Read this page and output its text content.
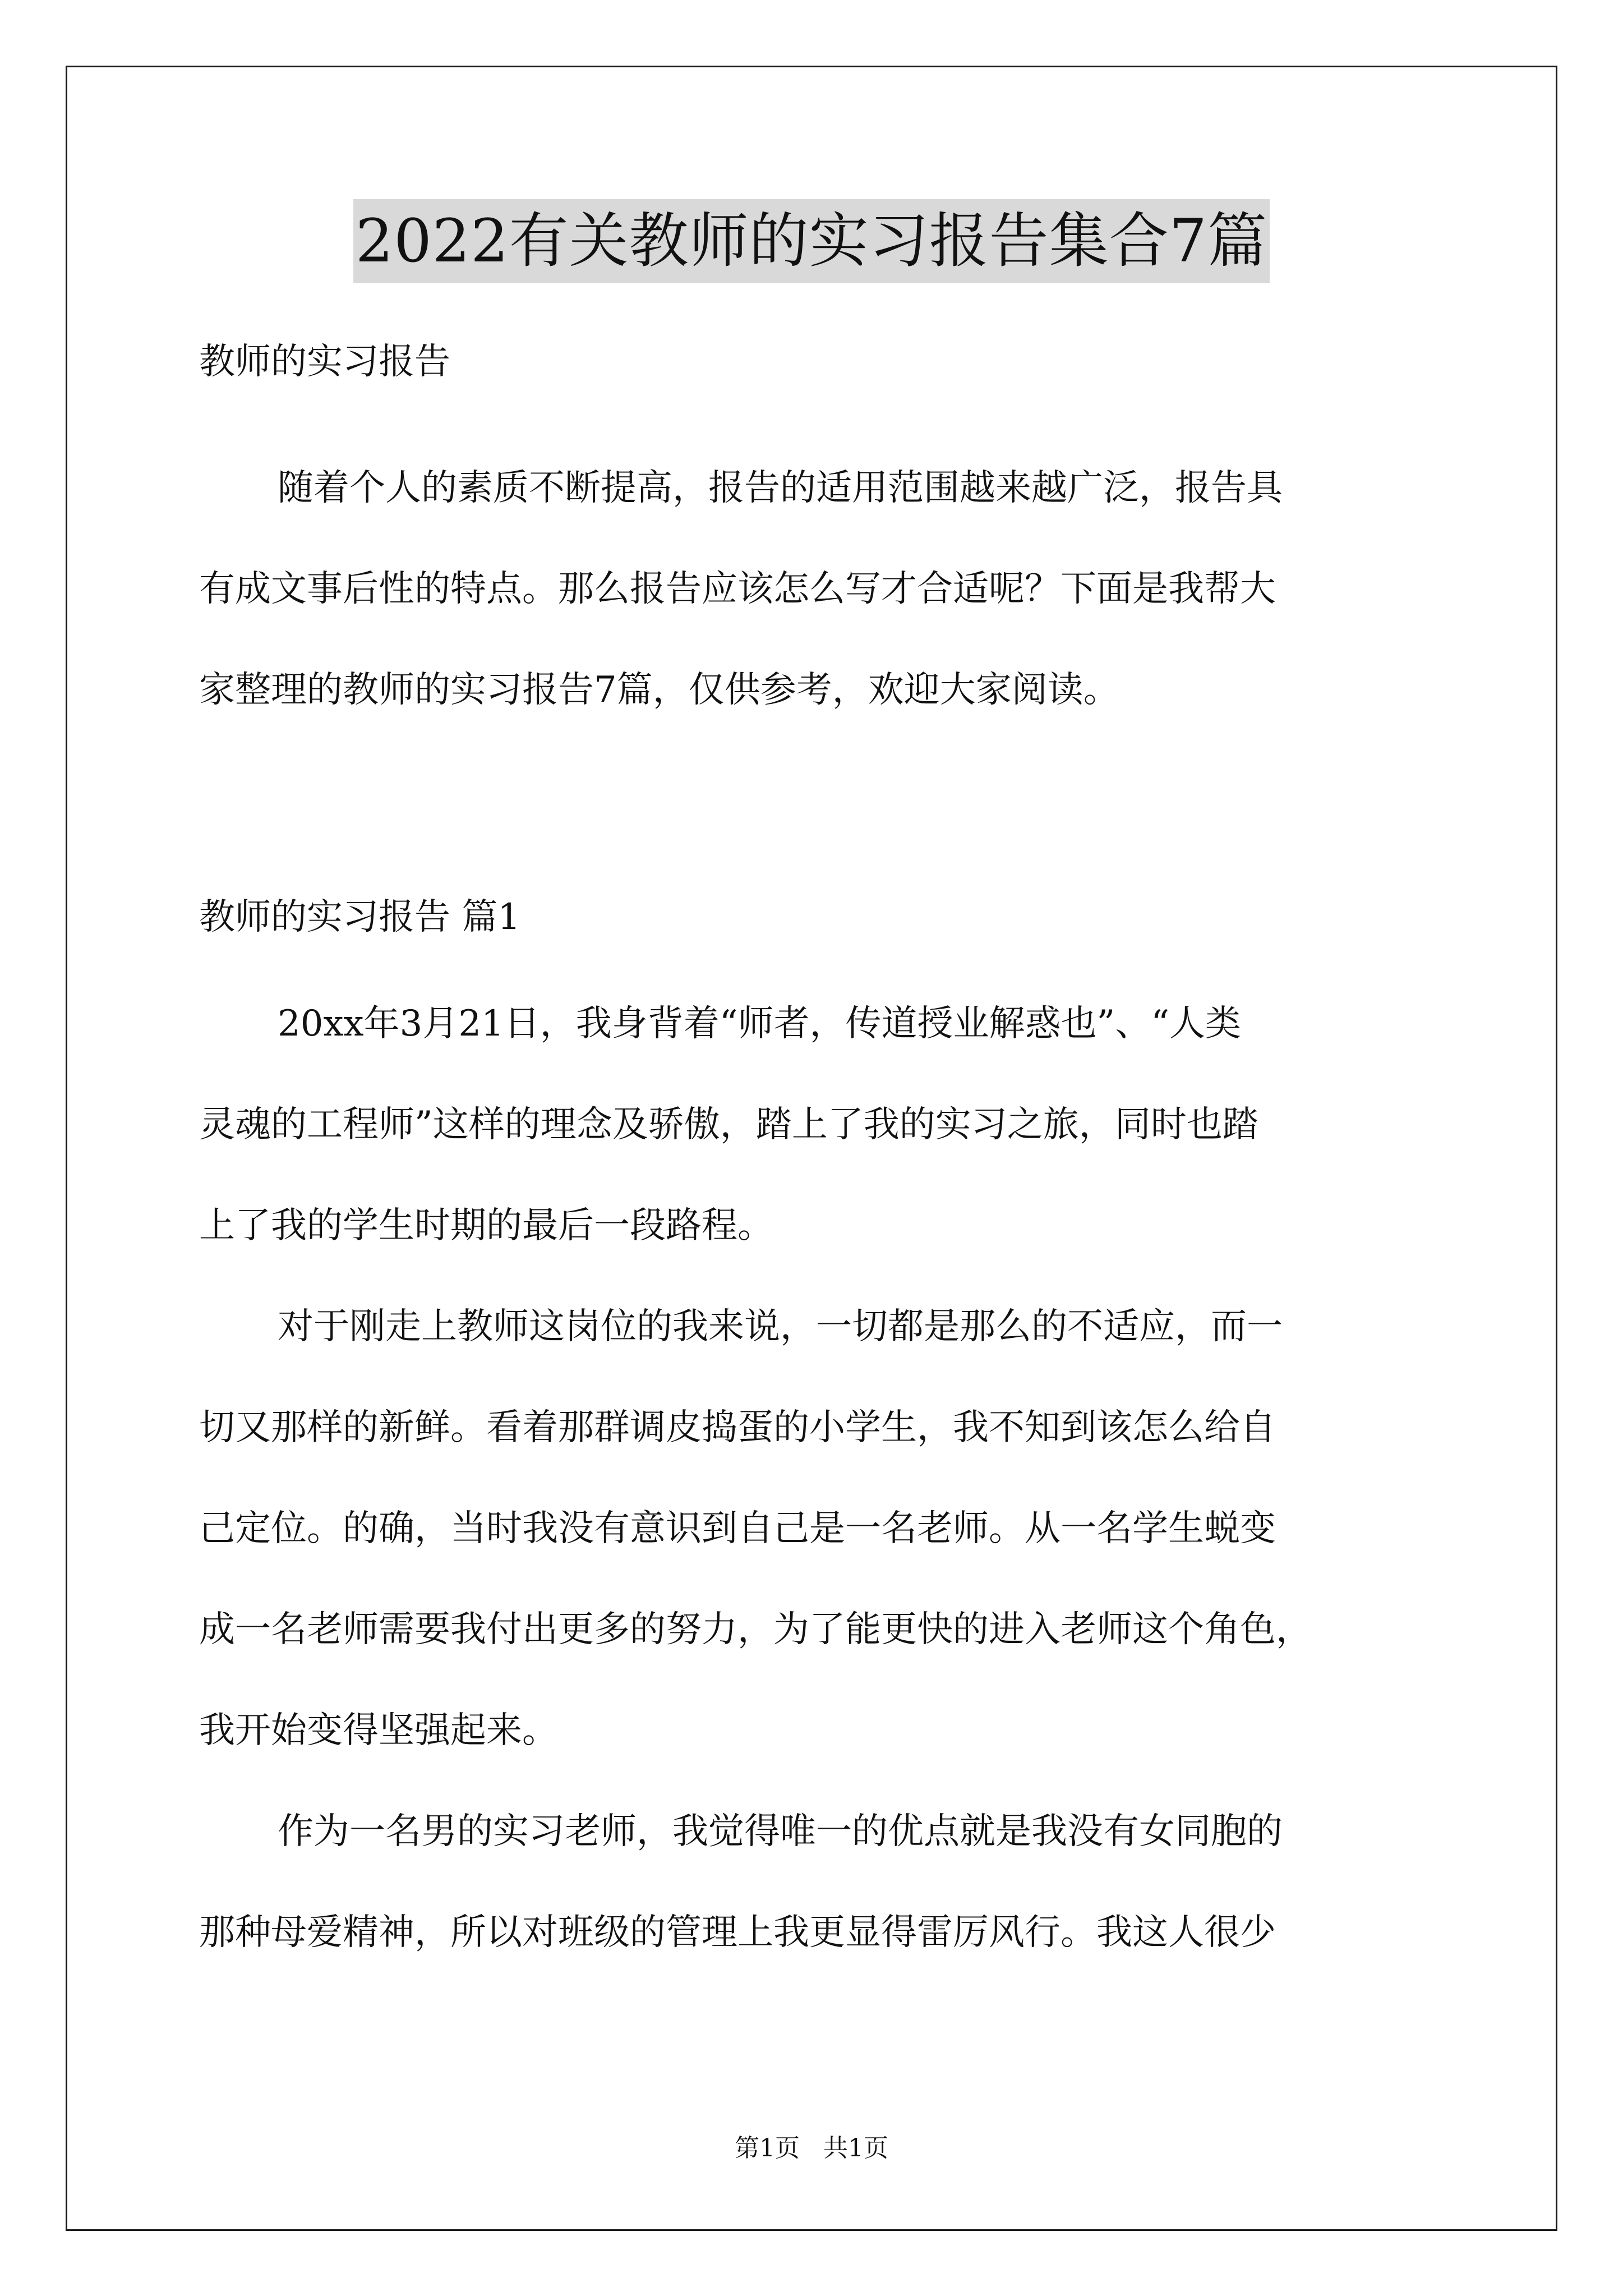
2022有关教师的实习报告集合7篇
教师的实习报告
随着个人的素质不断提高，报告的适用范围越来越广泛，报告具
有成文事后性的特点。那么报告应该怎么写才合适呢？下面是我帮大
家整理的教师的实习报告7篇，仅供参考，欢迎大家阅读。
教师的实习报告 篇1
20xx年3月21日，我身背着“师者，传道授业解惑也”、“人类
灵魂的工程师”这样的理念及骄傲，踏上了我的实习之旅，同时也踏
上了我的学生时期的最后一段路程。
对于刚走上教师这岗位的我来说，一切都是那么的不适应，而一
切又那样的新鲜。看着那群调皮捣蛋的小学生，我不知到该怎么给自
己定位。的确，当时我没有意识到自己是一名老师。从一名学生蜕变
成一名老师需要我付出更多的努力，为了能更快的进入老师这个角色，
我开始变得坚强起来。
作为一名男的实习老师，我觉得唯一的优点就是我没有女同胞的
那种母爱精神，所以对班级的管理上我更显得雷厉风行。我这人很少
第1页 共1页
